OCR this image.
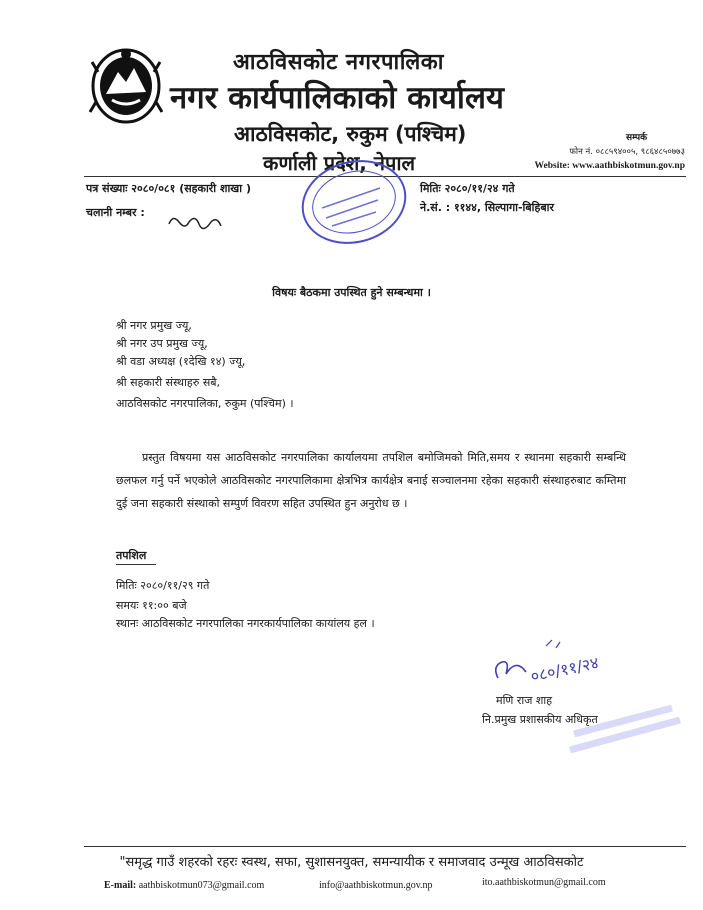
आठविसकोट नगरपालिका
नगर कार्यपालिकाको कार्यालय
आठविसकोट, रुकुम (पश्चिम)
कर्णाली प्रदेश, नेपाल
सम्पर्क
फोन नं. ०८८५९४००५, ९८६४८५०७७३
Website: www.aathbiskotmun.gov.np
पत्र संख्याः २०८०/०८१ (सहकारी शाखा )
चलानी नम्बर :
मितिः २०८०/११/२४ गते
ने.सं. : ११४४, सिल्पागा-बिहिबार
विषयः बैठकमा उपस्थित हुने सम्बन्धमा ।
श्री नगर प्रमुख ज्यू,
श्री नगर उप प्रमुख ज्यू,
श्री वडा अध्यक्ष (१देखि १४) ज्यू,
श्री सहकारी संस्थाहरु सबै,
आठविसकोट नगरपालिका, रुकुम (पश्चिम) ।
प्रस्तुत विषयमा यस आठविसकोट नगरपालिका कार्यालयमा तपशिल बमोजिमको मिति,समय र स्थानमा सहकारी सम्बन्धि छलफल गर्नु पर्ने भएकोले आठविसकोट नगरपालिकामा क्षेत्रभित्र कार्यक्षेत्र बनाई सञ्चालनमा रहेका सहकारी संस्थाहरुबाट कम्तिमा दुई जना सहकारी संस्थाको सम्पुर्ण विवरण सहित उपस्थित हुन अनुरोध छ ।
तपशिल
मितिः २०८०/११/२९ गते
समयः ११:०० बजे
स्थानः आठविसकोट नगरपालिका नगरकार्यपालिका कायांलय हल ।
०८०/११/२४
मणि राज शाह
नि.प्रमुख प्रशासकीय अधिकृत
"समृद्ध गाउँ शहरको रहरः स्वस्थ, सफा, सुशासनयुक्त, समन्यायीक र समाजवाद उन्मूख आठविसकोट
E-mail: aathbiskotmun073@gmail.com	info@aathbiskotmun.gov.np	ito.aathbiskotmun@gmail.com
